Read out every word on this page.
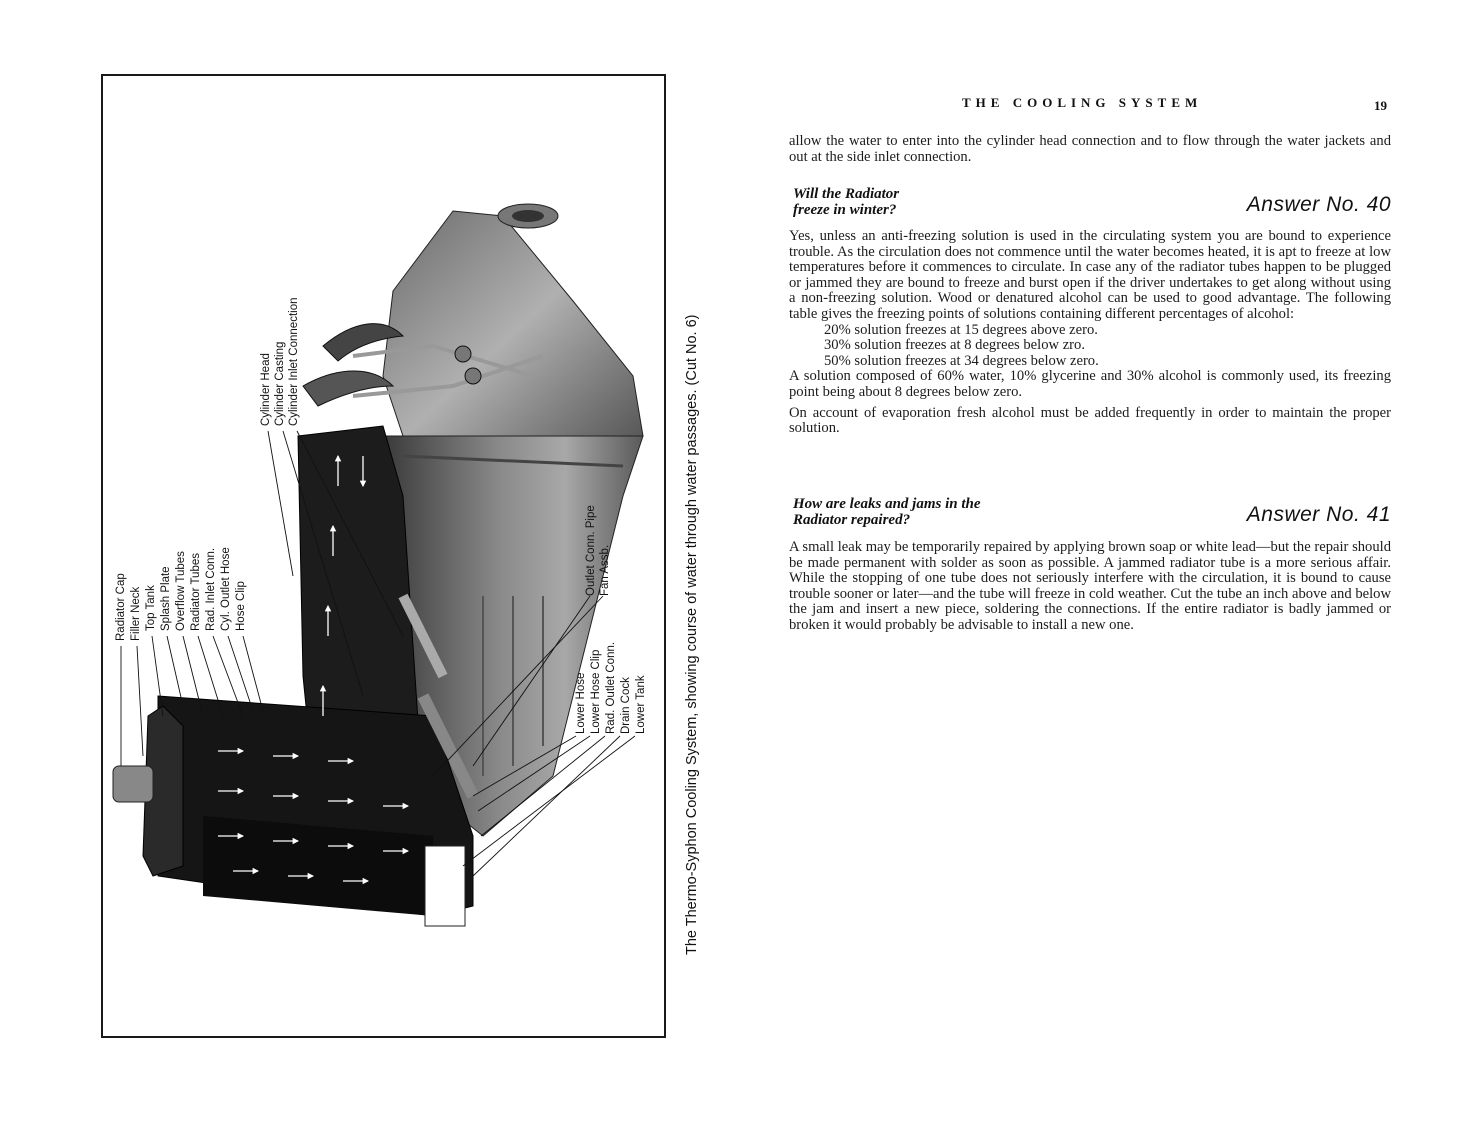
Radiator Cap Filler Neck Top Tank Splash Plate Overflow Tubes Radiator Tubes Rad. Inlet Conn. Cyl. Outlet Hose Hose Clip
Cylinder Head Cylinder Casting Cylinder Inlet Connection
Lower Hose Lower Hose Clip Rad. Outlet Conn. Drain Cock Lower Tank
Outlet Conn. Pipe Fan Assb.	The Thermo-Syphon Cooling System, showing course of water through water passages. (Cut No. 6)
THE COOLING SYSTEM	19

allow the water to enter into the cylinder head connection and to flow through the water jackets and out at the side inlet connection.

Will the Radiator
freeze in winter?	Answer No. 40

Yes, unless an anti-freezing solution is used in the circulating system you are bound to experience trouble. As the circulation does not commence until the water becomes heated, it is apt to freeze at low temperatures before it commences to circulate. In case any of the radiator tubes happen to be plugged or jammed they are bound to freeze and burst open if the driver undertakes to get along without using a non-freezing solution. Wood or denatured alcohol can be used to good advantage. The following table gives the freezing points of solutions containing different percentages of alcohol:

20% solution freezes at 15 degrees above zero.

30% solution freezes at 8 degrees below zro.

50% solution freezes at 34 degrees below zero.

A solution composed of 60% water, 10% glycerine and 30% alcohol is commonly used, its freezing point being about 8 degrees below zero.

On account of evaporation fresh alcohol must be added frequently in order to maintain the proper solution.

How are leaks and jams in the
Radiator repaired?	Answer No. 41

A small leak may be temporarily repaired by applying brown soap or white lead—but the repair should be made permanent with solder as soon as possible. A jammed radiator tube is a more serious affair. While the stopping of one tube does not seriously interfere with the circulation, it is bound to cause trouble sooner or later—and the tube will freeze in cold weather. Cut the tube an inch above and below the jam and insert a new piece, soldering the connections. If the entire radiator is badly jammed or broken it would probably be advisable to install a new one.
